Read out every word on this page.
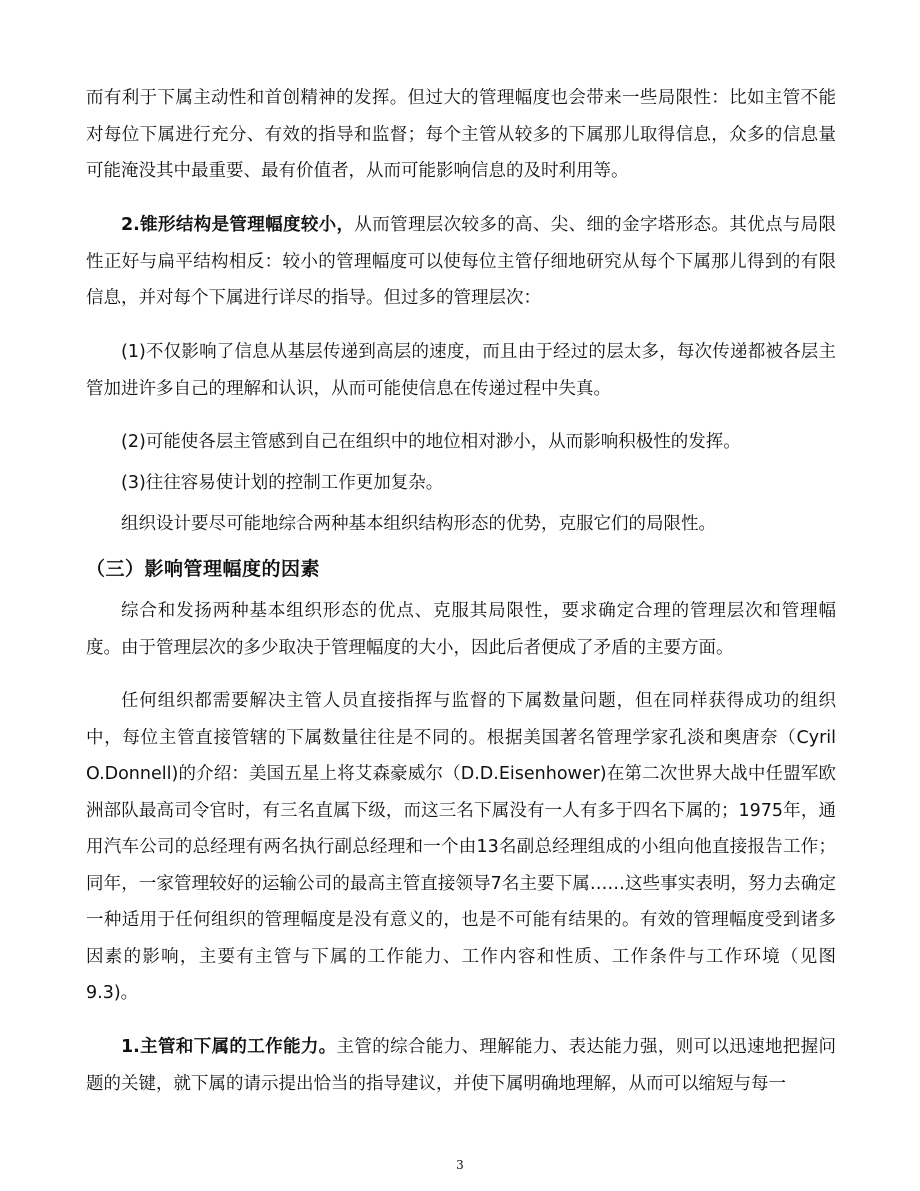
而有利于下属主动性和首创精神的发挥。但过大的管理幅度也会带来一些局限性：比如主管不能对每位下属进行充分、有效的指导和监督；每个主管从较多的下属那儿取得信息，众多的信息量可能淹没其中最重要、最有价值者，从而可能影响信息的及时利用等。

2.锥形结构是管理幅度较小，从而管理层次较多的高、尖、细的金字塔形态。其优点与局限性正好与扁平结构相反：较小的管理幅度可以使每位主管仔细地研究从每个下属那儿得到的有限信息，并对每个下属进行详尽的指导。但过多的管理层次：

(1)不仅影响了信息从基层传递到高层的速度，而且由于经过的层太多，每次传递都被各层主管加进许多自己的理解和认识，从而可能使信息在传递过程中失真。

(2)可能使各层主管感到自己在组织中的地位相对渺小，从而影响积极性的发挥。

(3)往往容易使计划的控制工作更加复杂。

组织设计要尽可能地综合两种基本组织结构形态的优势，克服它们的局限性。

（三）影响管理幅度的因素

综合和发扬两种基本组织形态的优点、克服其局限性，要求确定合理的管理层次和管理幅度。由于管理层次的多少取决于管理幅度的大小，因此后者便成了矛盾的主要方面。

任何组织都需要解决主管人员直接指挥与监督的下属数量问题，但在同样获得成功的组织中，每位主管直接管辖的下属数量往往是不同的。根据美国著名管理学家孔淡和奥唐奈（Cyril O.Donnell)的介绍：美国五星上将艾森豪威尔（D.D.Eisenhower)在第二次世界大战中任盟军欧洲部队最高司令官时，有三名直属下级，而这三名下属没有一人有多于四名下属的；1975年，通用汽车公司的总经理有两名执行副总经理和一个由13名副总经理组成的小组向他直接报告工作；同年，一家管理较好的运输公司的最高主管直接领导7名主要下属……这些事实表明，努力去确定一种适用于任何组织的管理幅度是没有意义的，也是不可能有结果的。有效的管理幅度受到诸多因素的影响，主要有主管与下属的工作能力、工作内容和性质、工作条件与工作环境（见图9.3)。

1.主管和下属的工作能力。主管的综合能力、理解能力、表达能力强，则可以迅速地把握问题的关键，就下属的请示提出恰当的指导建议，并使下属明确地理解，从而可以缩短与每一

3
